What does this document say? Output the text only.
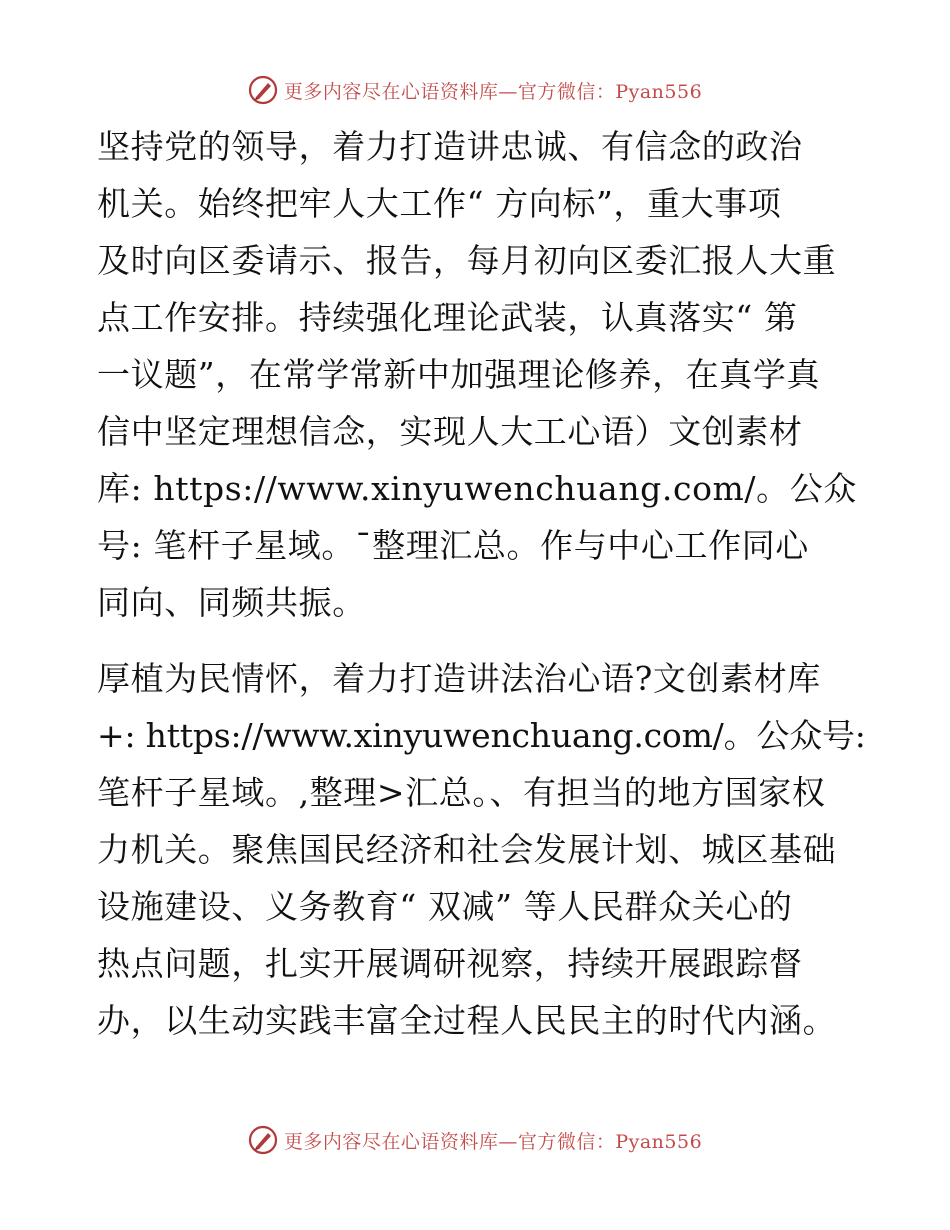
更多内容尽在心语资料库—官方微信：Pyan556
坚持党的领导，着力打造讲忠诚、有信念的政治
机关。始终把牢人大工作“ 方向标”，重大事项
及时向区委请示、报告，每月初向区委汇报人大重
点工作安排。持续强化理论武装，认真落实“ 第
一议题”，在常学常新中加强理论修养，在真学真
信中坚定理想信念，实现人大工心语）文创素材
库: https://www.xinyuwenchuang.com/。公众
号: 笔杆子星域。¯整理汇总。作与中心工作同心
同向、同频共振。
厚植为民情怀，着力打造讲法治心语?文创素材库
+: https://www.xinyuwenchuang.com/。公众号:
笔杆子星域。,整理>汇总。、有担当的地方国家权
力机关。聚焦国民经济和社会发展计划、城区基础
设施建设、义务教育“ 双减” 等人民群众关心的
热点问题，扎实开展调研视察，持续开展跟踪督
办，以生动实践丰富全过程人民民主的时代内涵。
更多内容尽在心语资料库—官方微信：Pyan556
